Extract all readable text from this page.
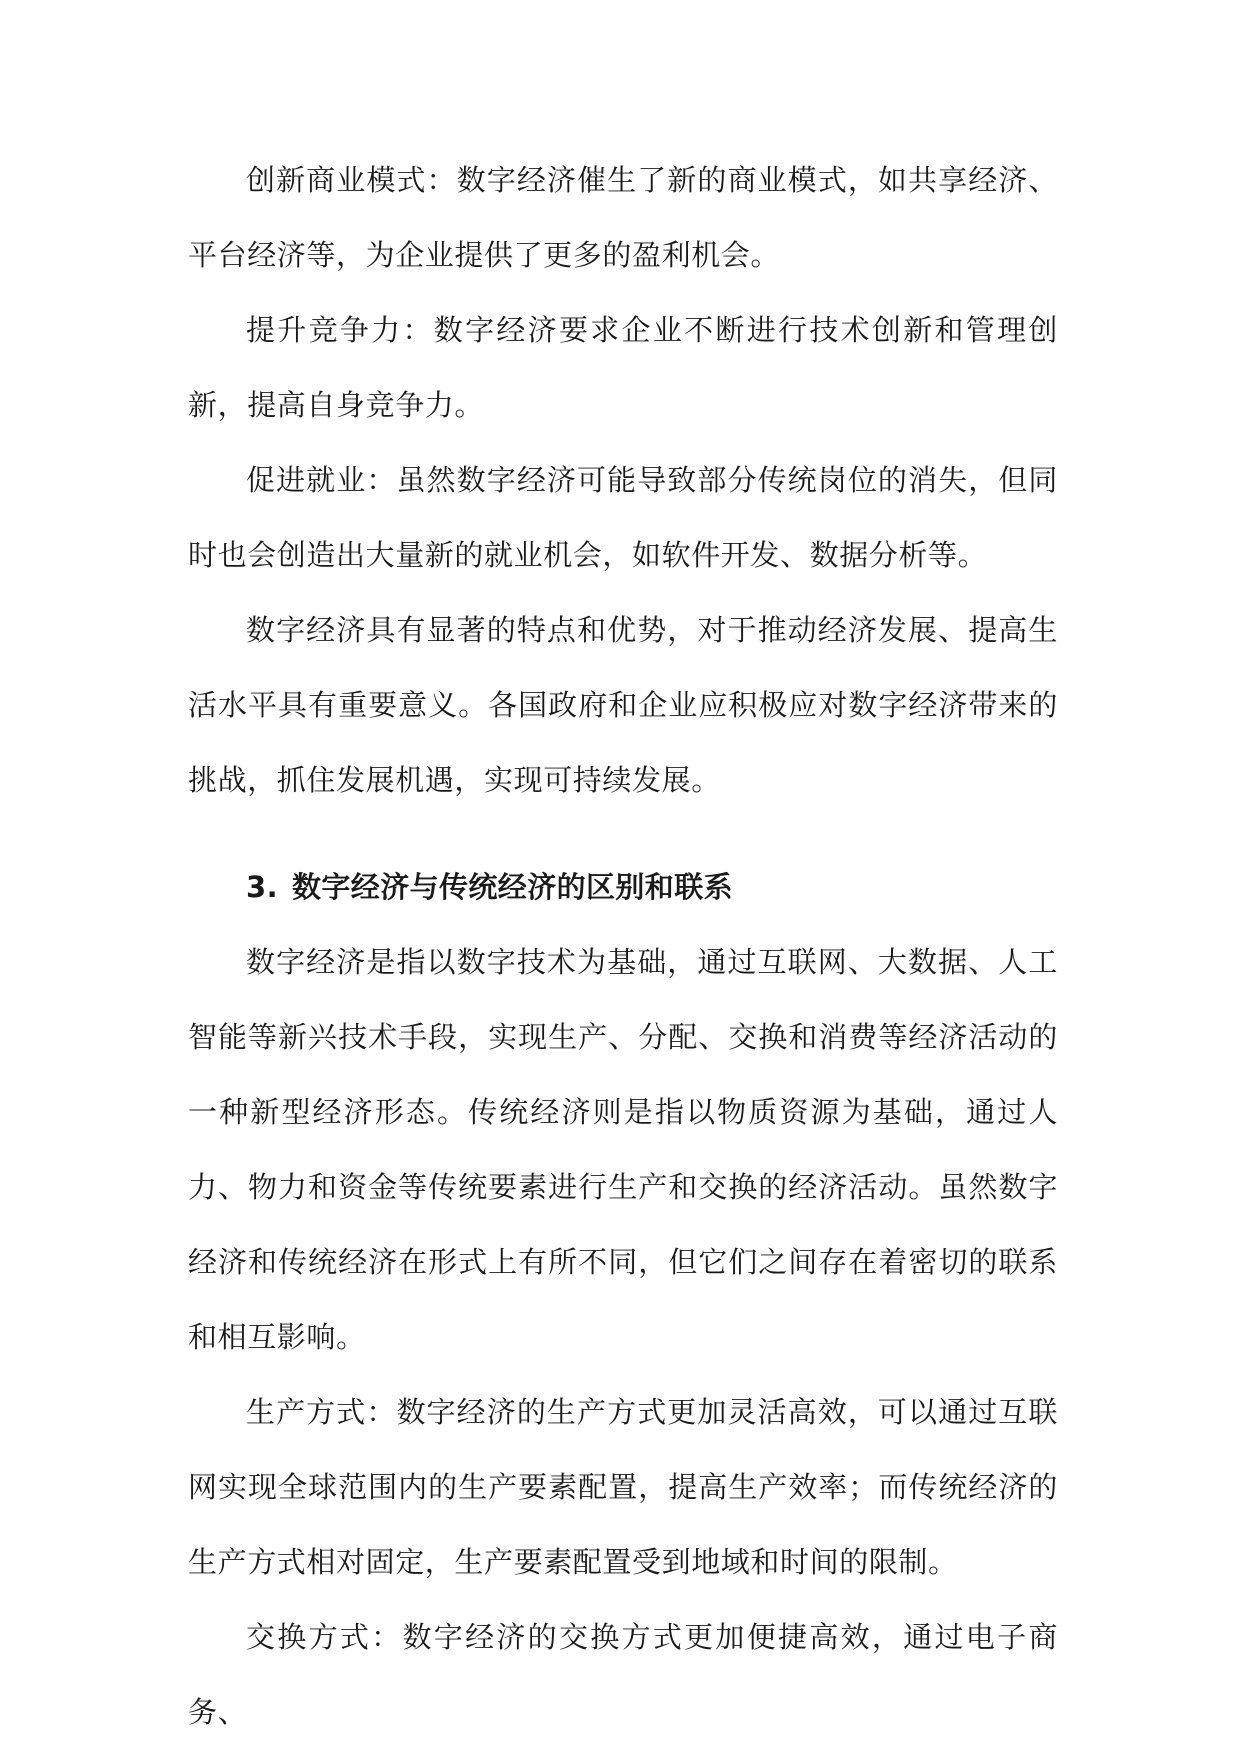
创新商业模式：数字经济催生了新的商业模式，如共享经济、平台经济等，为企业提供了更多的盈利机会。

提升竞争力：数字经济要求企业不断进行技术创新和管理创新，提高自身竞争力。

促进就业：虽然数字经济可能导致部分传统岗位的消失，但同时也会创造出大量新的就业机会，如软件开发、数据分析等。

数字经济具有显著的特点和优势，对于推动经济发展、提高生活水平具有重要意义。各国政府和企业应积极应对数字经济带来的挑战，抓住发展机遇，实现可持续发展。

3. 数字经济与传统经济的区别和联系

数字经济是指以数字技术为基础，通过互联网、大数据、人工智能等新兴技术手段，实现生产、分配、交换和消费等经济活动的一种新型经济形态。传统经济则是指以物质资源为基础，通过人力、物力和资金等传统要素进行生产和交换的经济活动。虽然数字经济和传统经济在形式上有所不同，但它们之间存在着密切的联系和相互影响。

生产方式：数字经济的生产方式更加灵活高效，可以通过互联网实现全球范围内的生产要素配置，提高生产效率；而传统经济的生产方式相对固定，生产要素配置受到地域和时间的限制。

交换方式：数字经济的交换方式更加便捷高效，通过电子商务、
